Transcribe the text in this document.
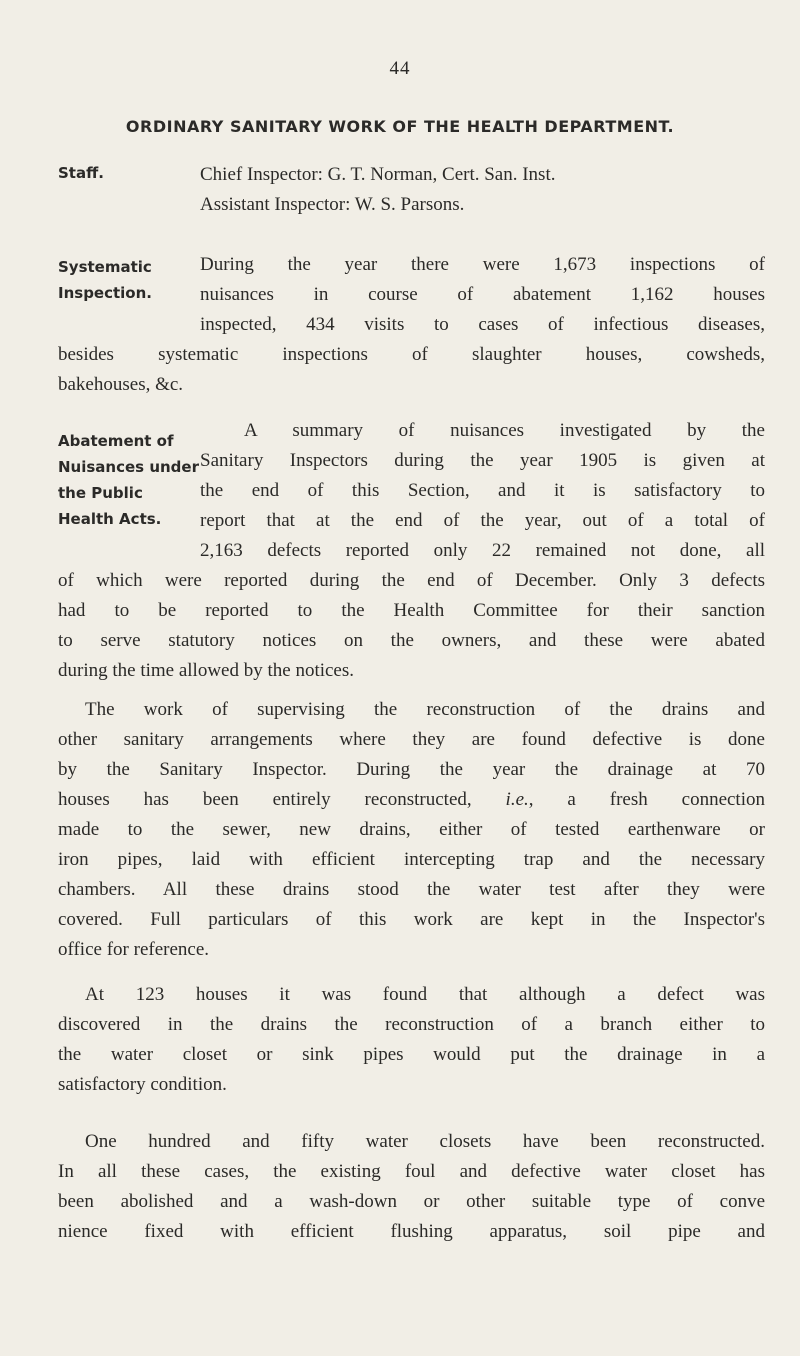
44
ORDINARY SANITARY WORK OF THE HEALTH DEPARTMENT.
Staff.	Chief Inspector: G. T. Norman, Cert. San. Inst.
Assistant Inspector: W. S. Parsons.
Systematic
Inspection.
During the year there were 1,673 inspections of
nuisances in course of abatement 1,162 houses
inspected, 434 visits to cases of infectious diseases,
besides systematic inspections of slaughter houses, cowsheds,
bakehouses, &c.
Abatement of
Nuisances under
the Public
Health Acts.
A summary of nuisances investigated by the
Sanitary Inspectors during the year 1905 is given at
the end of this Section, and it is satisfactory to
report that at the end of the year, out of a total of
2,163 defects reported only 22 remained not done, all
of which were reported during the end of December. Only 3 defects
had to be reported to the Health Committee for their sanction
to serve statutory notices on the owners, and these were abated
during the time allowed by the notices.
The work of supervising the reconstruction of the drains and
other sanitary arrangements where they are found defective is done
by the Sanitary Inspector. During the year the drainage at 70
houses has been entirely reconstructed, i.e., a fresh connection
made to the sewer, new drains, either of tested earthenware or
iron pipes, laid with efficient intercepting trap and the necessary
chambers. All these drains stood the water test after they were
covered. Full particulars of this work are kept in the Inspector's
office for reference.
At 123 houses it was found that although a defect was
discovered in the drains the reconstruction of a branch either to
the water closet or sink pipes would put the drainage in a
satisfactory condition.
One hundred and fifty water closets have been reconstructed.
In all these cases, the existing foul and defective water closet has
been abolished and a wash-down or other suitable type of conve
nience fixed with efficient flushing apparatus, soil pipe and
